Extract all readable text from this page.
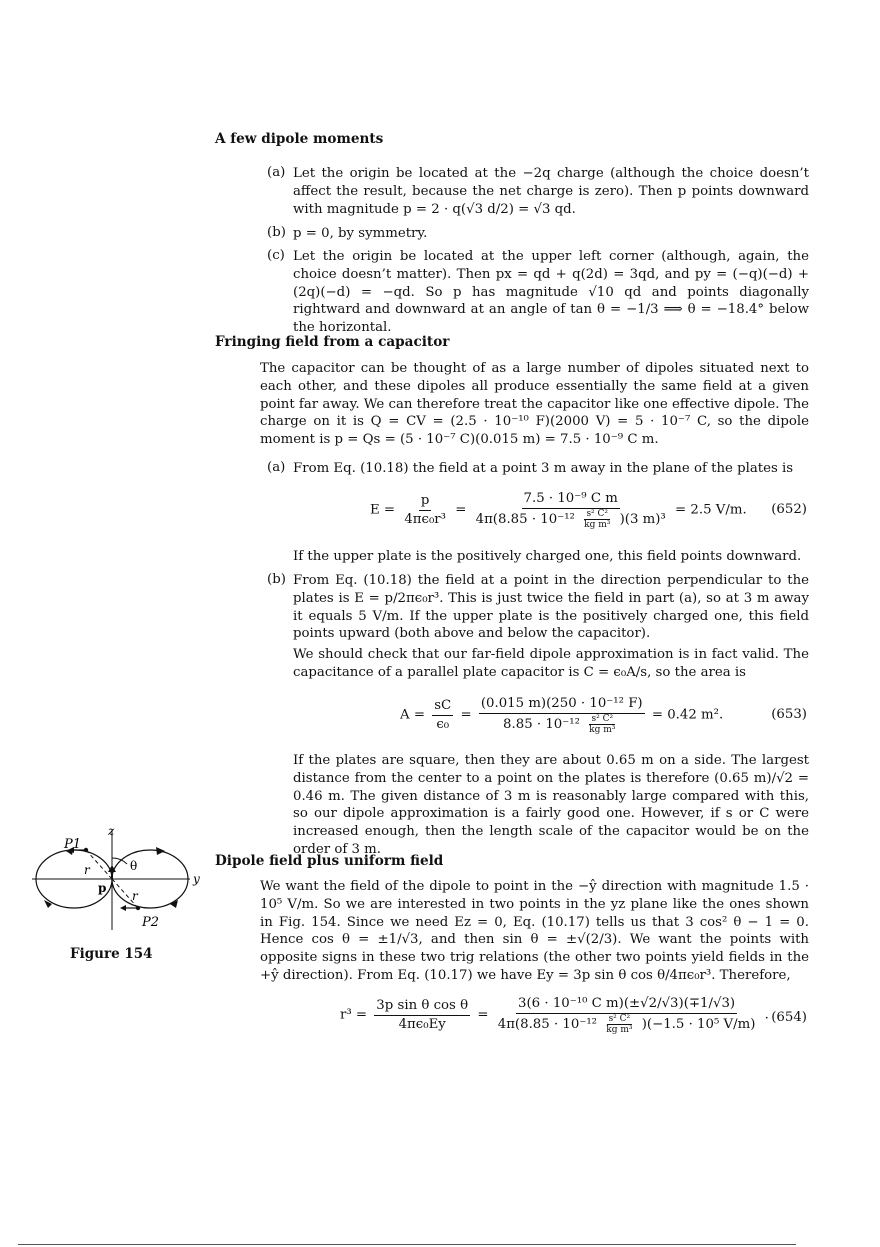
A few dipole moments
(a) Let the origin be located at the −2q charge (although the choice doesn’t affect the result, because the net charge is zero). Then p points downward with magnitude p = 2 · q(√3 d/2) = √3 qd.
(b) p = 0, by symmetry.
(c) Let the origin be located at the upper left corner (although, again, the choice doesn’t matter). Then px = qd + q(2d) = 3qd, and py = (−q)(−d) + (2q)(−d) = −qd. So p has magnitude √10 qd and points diagonally rightward and downward at an angle of tan θ = −1/3 ⟹ θ = −18.4° below the horizontal.
Fringing field from a capacitor
The capacitor can be thought of as a large number of dipoles situated next to each other, and these dipoles all produce essentially the same field at a given point far away. We can therefore treat the capacitor like one effective dipole. The charge on it is Q = CV = (2.5 · 10⁻¹⁰ F)(2000 V) = 5 · 10⁻⁷ C, so the dipole moment is p = Qs = (5 · 10⁻⁷ C)(0.015 m) = 7.5 · 10⁻⁹ C m.
(a) From Eq. (10.18) the field at a point 3 m away in the plane of the plates is
$E = \frac{p}{\text{4πϵ₀r³}}$ =
7.5 · 10⁻⁹ C m
$4\pi(8.85 \cdot 10^{-12} \frac{\text{s² C²}}{\text{kg m³}} )(3$ m)³
= 2.5 V/m. (652)
If the upper plate is the positively charged one, this field points downward.
(b) From Eq. (10.18) the field at a point in the direction perpendicular to the plates is E = p/2πϵ₀r³. This is just twice the field in part (a), so at 3 m away it equals 5 V/m. If the upper plate is the positively charged one, this field points upward (both above and below the capacitor).
We should check that our far-field dipole approximation is in fact valid. The capacitance of a parallel plate capacitor is C = ϵ₀A/s, so the area is
$A = \frac{sC}{\text{ϵ₀}} = \frac{\text{(0.015 m)(250 · 10⁻¹² F)}}{8.85 \cdot 10^{-12} \frac{\text{s² C²}}{\text{kg m³}}} = 0.42$ m².	(653)
If the plates are square, then they are about 0.65 m on a side. The largest distance from the center to a point on the plates is therefore (0.65 m)/√2 = 0.46 m. The given distance of 3 m is reasonably large compared with this, so our dipole approximation is a fairly good one. However, if s or C were increased enough, then the length scale of the capacitor would be on the order of 3 m.
Dipole field plus uniform field
We want the field of the dipole to point in the −ŷ direction with magnitude 1.5 · 10⁵ V/m. So we are interested in two points in the yz plane like the ones shown in Fig. 154. Since we need Ez = 0, Eq. (10.17) tells us that 3 cos² θ − 1 = 0. Hence cos θ = ±1/√3, and then sin θ = ±√(2/3). We want the points with opposite signs in these two trig relations (the other two points yield fields in the +ŷ direction). From Eq. (10.17) we have Ey = 3p sin θ cos θ/4πϵ₀r³. Therefore,
$r^3 = \frac{\text{3p sin θ cos θ}}{\text{4πϵ₀Ey}}$ =
3(6 · 10⁻¹⁰ C m)(±√2/√3)(∓1/√3)
$4\pi(8.85 \cdot 10^{-12} \frac{\text{s² C²}}{\text{kg m³}} )(-1.5 \cdot 10^5$ V/m)
. (654)
P1
P2
z
y
θ
r
r
p
Figure 154
